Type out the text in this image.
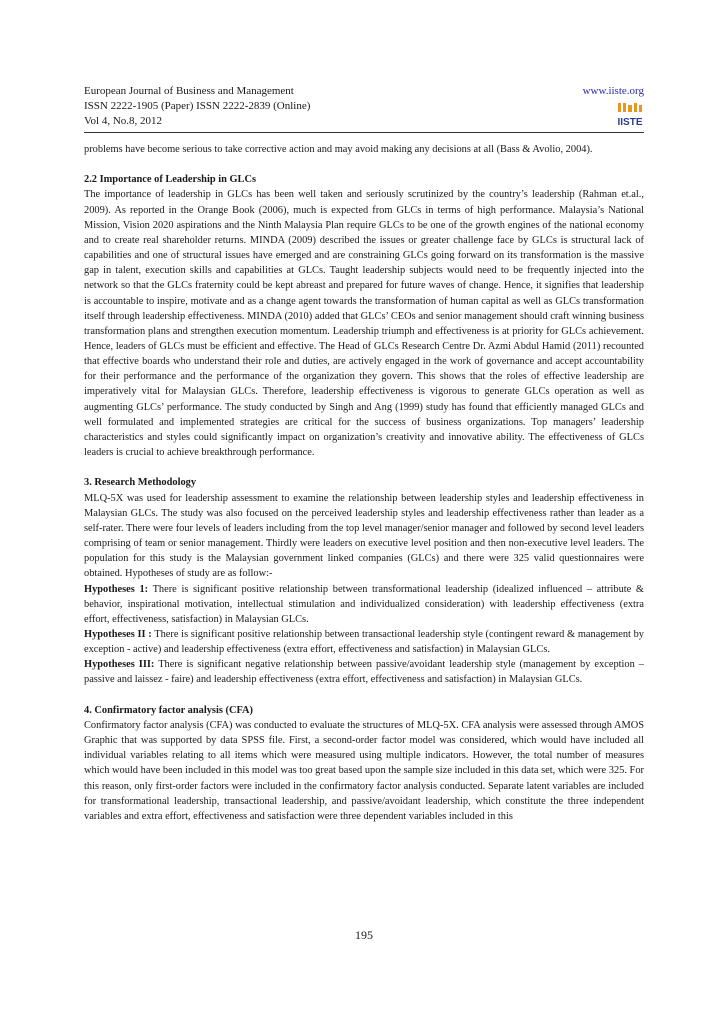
European Journal of Business and Management
ISSN 2222-1905 (Paper) ISSN 2222-2839 (Online)
Vol 4, No.8, 2012
www.iiste.org
IISTE

problems have become serious to take corrective action and may avoid making any decisions at all (Bass & Avolio, 2004).

2.2 Importance of Leadership in GLCs

The importance of leadership in GLCs has been well taken and seriously scrutinized by the country’s leadership (Rahman et.al., 2009). As reported in the Orange Book (2006), much is expected from GLCs in terms of high performance. Malaysia’s National Mission, Vision 2020 aspirations and the Ninth Malaysia Plan require GLCs to be one of the growth engines of the national economy and to create real shareholder returns. MINDA (2009) described the issues or greater challenge face by GLCs is structural lack of capabilities and one of structural issues have emerged and are constraining GLCs going forward on its transformation is the massive gap in talent, execution skills and capabilities at GLCs. Taught leadership subjects would need to be frequently injected into the network so that the GLCs fraternity could be kept abreast and prepared for future waves of change. Hence, it signifies that leadership is accountable to inspire, motivate and as a change agent towards the transformation of human capital as well as GLCs transformation itself through leadership effectiveness. MINDA (2010) added that GLCs’ CEOs and senior management should craft winning business transformation plans and strengthen execution momentum. Leadership triumph and effectiveness is at priority for GLCs achievement. Hence, leaders of GLCs must be efficient and effective. The Head of GLCs Research Centre Dr. Azmi Abdul Hamid (2011) recounted that effective boards who understand their role and duties, are actively engaged in the work of governance and accept accountability for their performance and the performance of the organization they govern. This shows that the roles of effective leadership are imperatively vital for Malaysian GLCs. Therefore, leadership effectiveness is vigorous to generate GLCs operation as well as augmenting GLCs’ performance. The study conducted by Singh and Ang (1999) study has found that efficiently managed GLCs and well formulated and implemented strategies are critical for the success of business organizations. Top managers’ leadership characteristics and styles could significantly impact on organization’s creativity and innovative ability. The effectiveness of GLCs leaders is crucial to achieve breakthrough performance.

3. Research Methodology

MLQ-5X was used for leadership assessment to examine the relationship between leadership styles and leadership effectiveness in Malaysian GLCs. The study was also focused on the perceived leadership styles and leadership effectiveness rather than leader as a self-rater. There were four levels of leaders including from the top level manager/senior manager and followed by second level leaders comprising of team or senior management. Thirdly were leaders on executive level position and then non-executive level leaders. The population for this study is the Malaysian government linked companies (GLCs) and there were 325 valid questionnaires were obtained. Hypotheses of study are as follow:-

Hypotheses 1: There is significant positive relationship between transformational leadership (idealized influenced – attribute & behavior, inspirational motivation, intellectual stimulation and individualized consideration) with leadership effectiveness (extra effort, effectiveness, satisfaction) in Malaysian GLCs.

Hypotheses II : There is significant positive relationship between transactional leadership style (contingent reward & management by exception - active) and leadership effectiveness (extra effort, effectiveness and satisfaction) in Malaysian GLCs.

Hypotheses III: There is significant negative relationship between passive/avoidant leadership style (management by exception – passive and laissez - faire) and leadership effectiveness (extra effort, effectiveness and satisfaction) in Malaysian GLCs.

4. Confirmatory factor analysis (CFA)

Confirmatory factor analysis (CFA) was conducted to evaluate the structures of MLQ-5X. CFA analysis were assessed through AMOS Graphic that was supported by data SPSS file. First, a second-order factor model was considered, which would have included all individual variables relating to all items which were measured using multiple indicators. However, the total number of measures which would have been included in this model was too great based upon the sample size included in this data set, which were 325. For this reason, only first-order factors were included in the confirmatory factor analysis conducted. Separate latent variables are included for transformational leadership, transactional leadership, and passive/avoidant leadership, which constitute the three independent variables and extra effort, effectiveness and satisfaction were three dependent variables included in this

195
